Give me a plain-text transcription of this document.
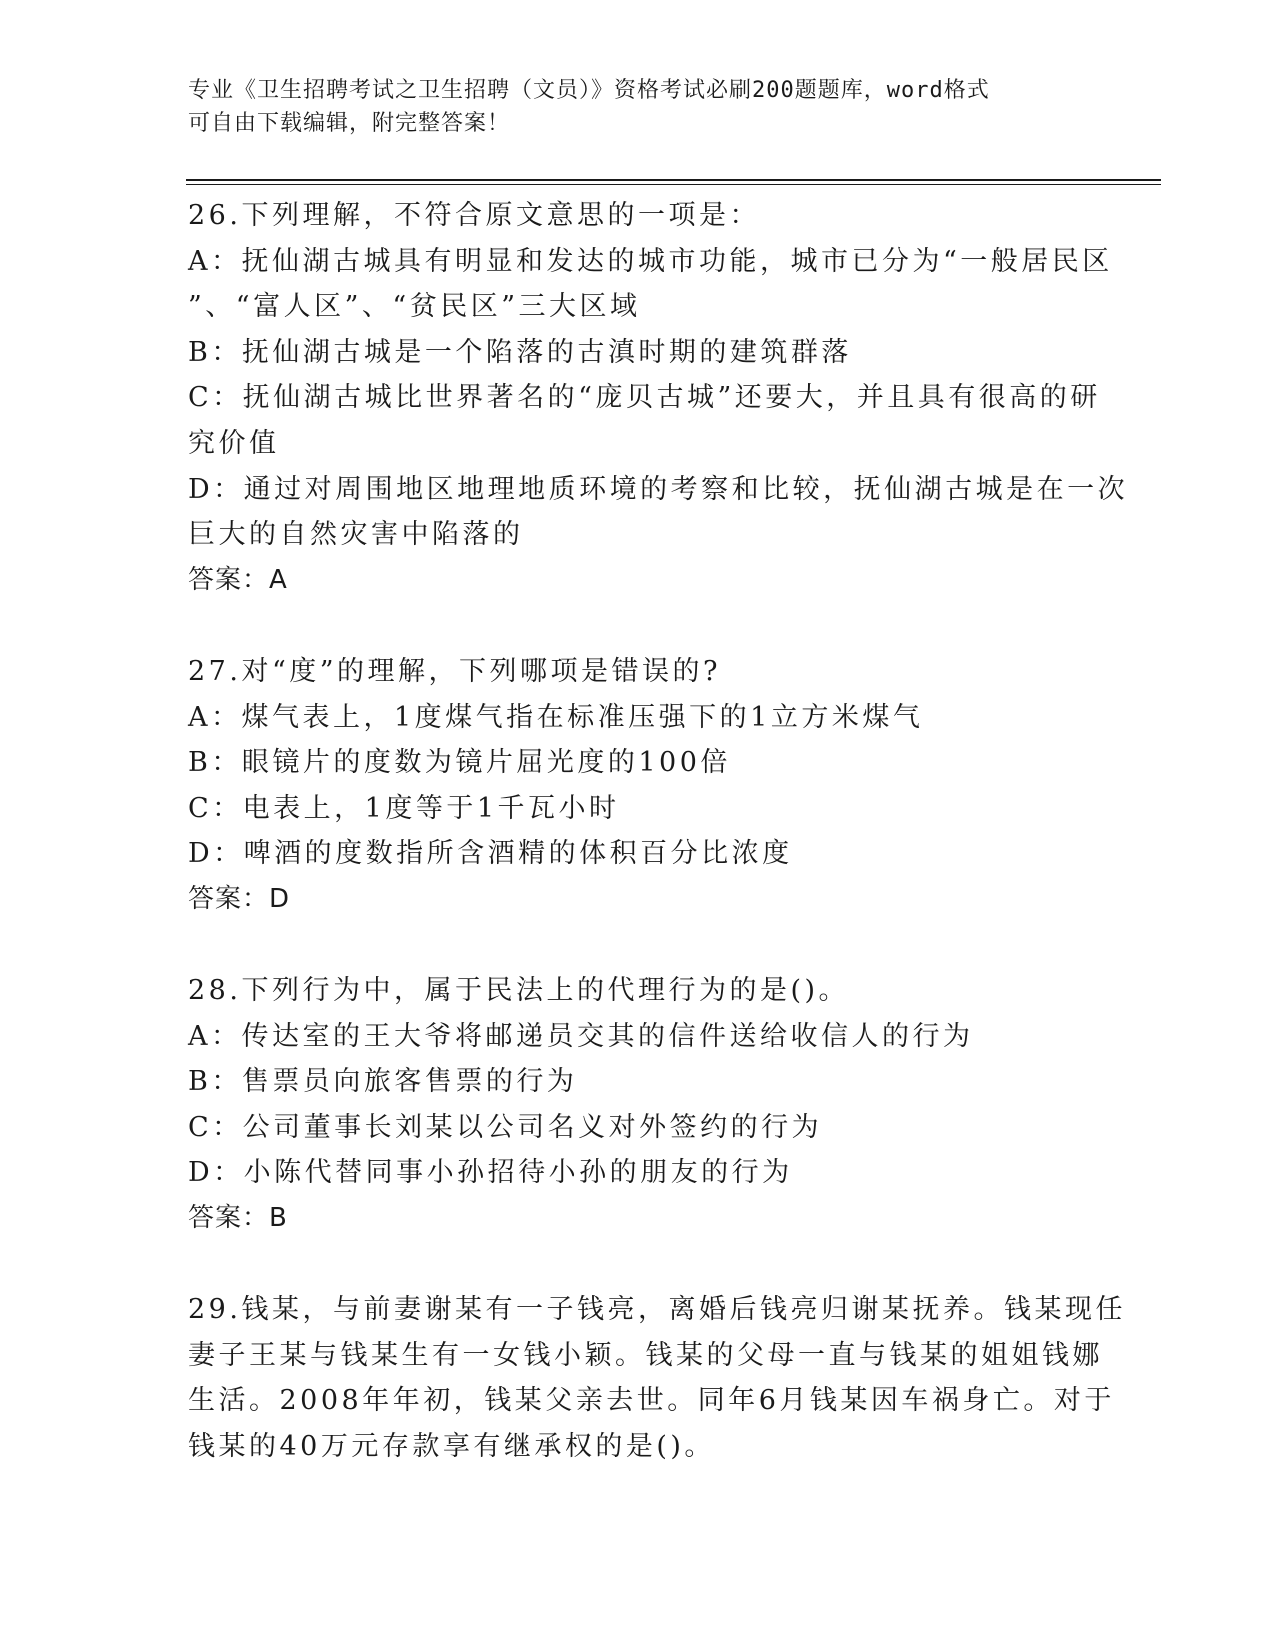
专业《卫生招聘考试之卫生招聘（文员）》资格考试必刷200题题库，word格式
可自由下载编辑，附完整答案！
26.下列理解，不符合原文意思的一项是：
A：抚仙湖古城具有明显和发达的城市功能，城市已分为“一般居民区
”、“富人区”、“贫民区”三大区域
B：抚仙湖古城是一个陷落的古滇时期的建筑群落
C：抚仙湖古城比世界著名的“庞贝古城”还要大，并且具有很高的研
究价值
D：通过对周围地区地理地质环境的考察和比较，抚仙湖古城是在一次
巨大的自然灾害中陷落的
答案：A
27.对“度”的理解，下列哪项是错误的?
A：煤气表上，1度煤气指在标准压强下的1立方米煤气
B：眼镜片的度数为镜片屈光度的100倍
C：电表上，1度等于1千瓦小时
D：啤酒的度数指所含酒精的体积百分比浓度
答案：D
28.下列行为中，属于民法上的代理行为的是()。
A：传达室的王大爷将邮递员交其的信件送给收信人的行为
B：售票员向旅客售票的行为
C：公司董事长刘某以公司名义对外签约的行为
D：小陈代替同事小孙招待小孙的朋友的行为
答案：B
29.钱某，与前妻谢某有一子钱亮，离婚后钱亮归谢某抚养。钱某现任
妻子王某与钱某生有一女钱小颖。钱某的父母一直与钱某的姐姐钱娜
生活。2008年年初，钱某父亲去世。同年6月钱某因车祸身亡。对于
钱某的40万元存款享有继承权的是()。
